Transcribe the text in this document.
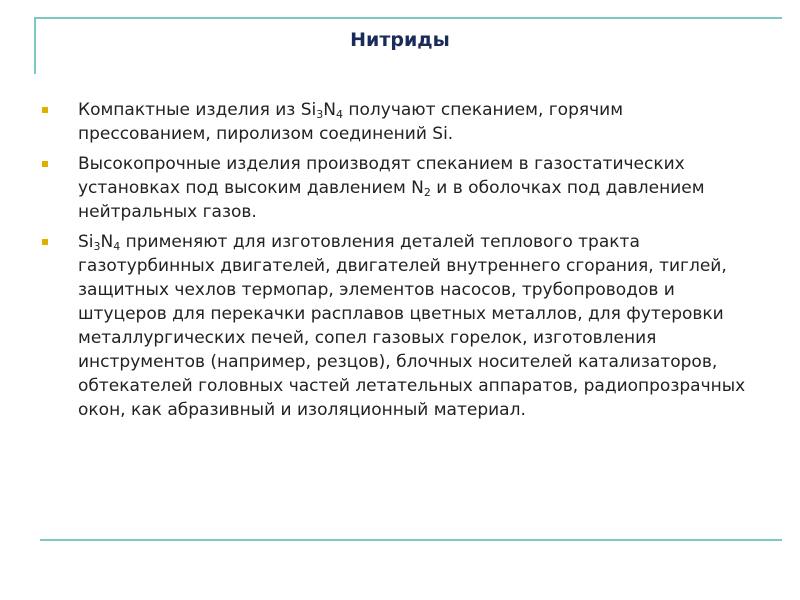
Нитриды
Компактные изделия из $Si_3N_4$ получают спеканием, горячим прессованием, пиролизом соединений Si.
Высокопрочные изделия производят спеканием в газостатических установках под высоким давлением $N_2$ и в оболочках под давлением нейтральных газов.
$Si_3N_4$ применяют для изготовления деталей теплового тракта газотурбинных двигателей, двигателей внутреннего сгорания, тиглей, защитных чехлов термопар, элементов насосов, трубопроводов и штуцеров для перекачки расплавов цветных металлов, для футеровки металлургических печей, сопел газовых горелок, изготовления инструментов (например, резцов), блочных носителей катализаторов, обтекателей головных частей летательных аппаратов, радиопрозрачных окон, как абразивный и изоляционный материал.
